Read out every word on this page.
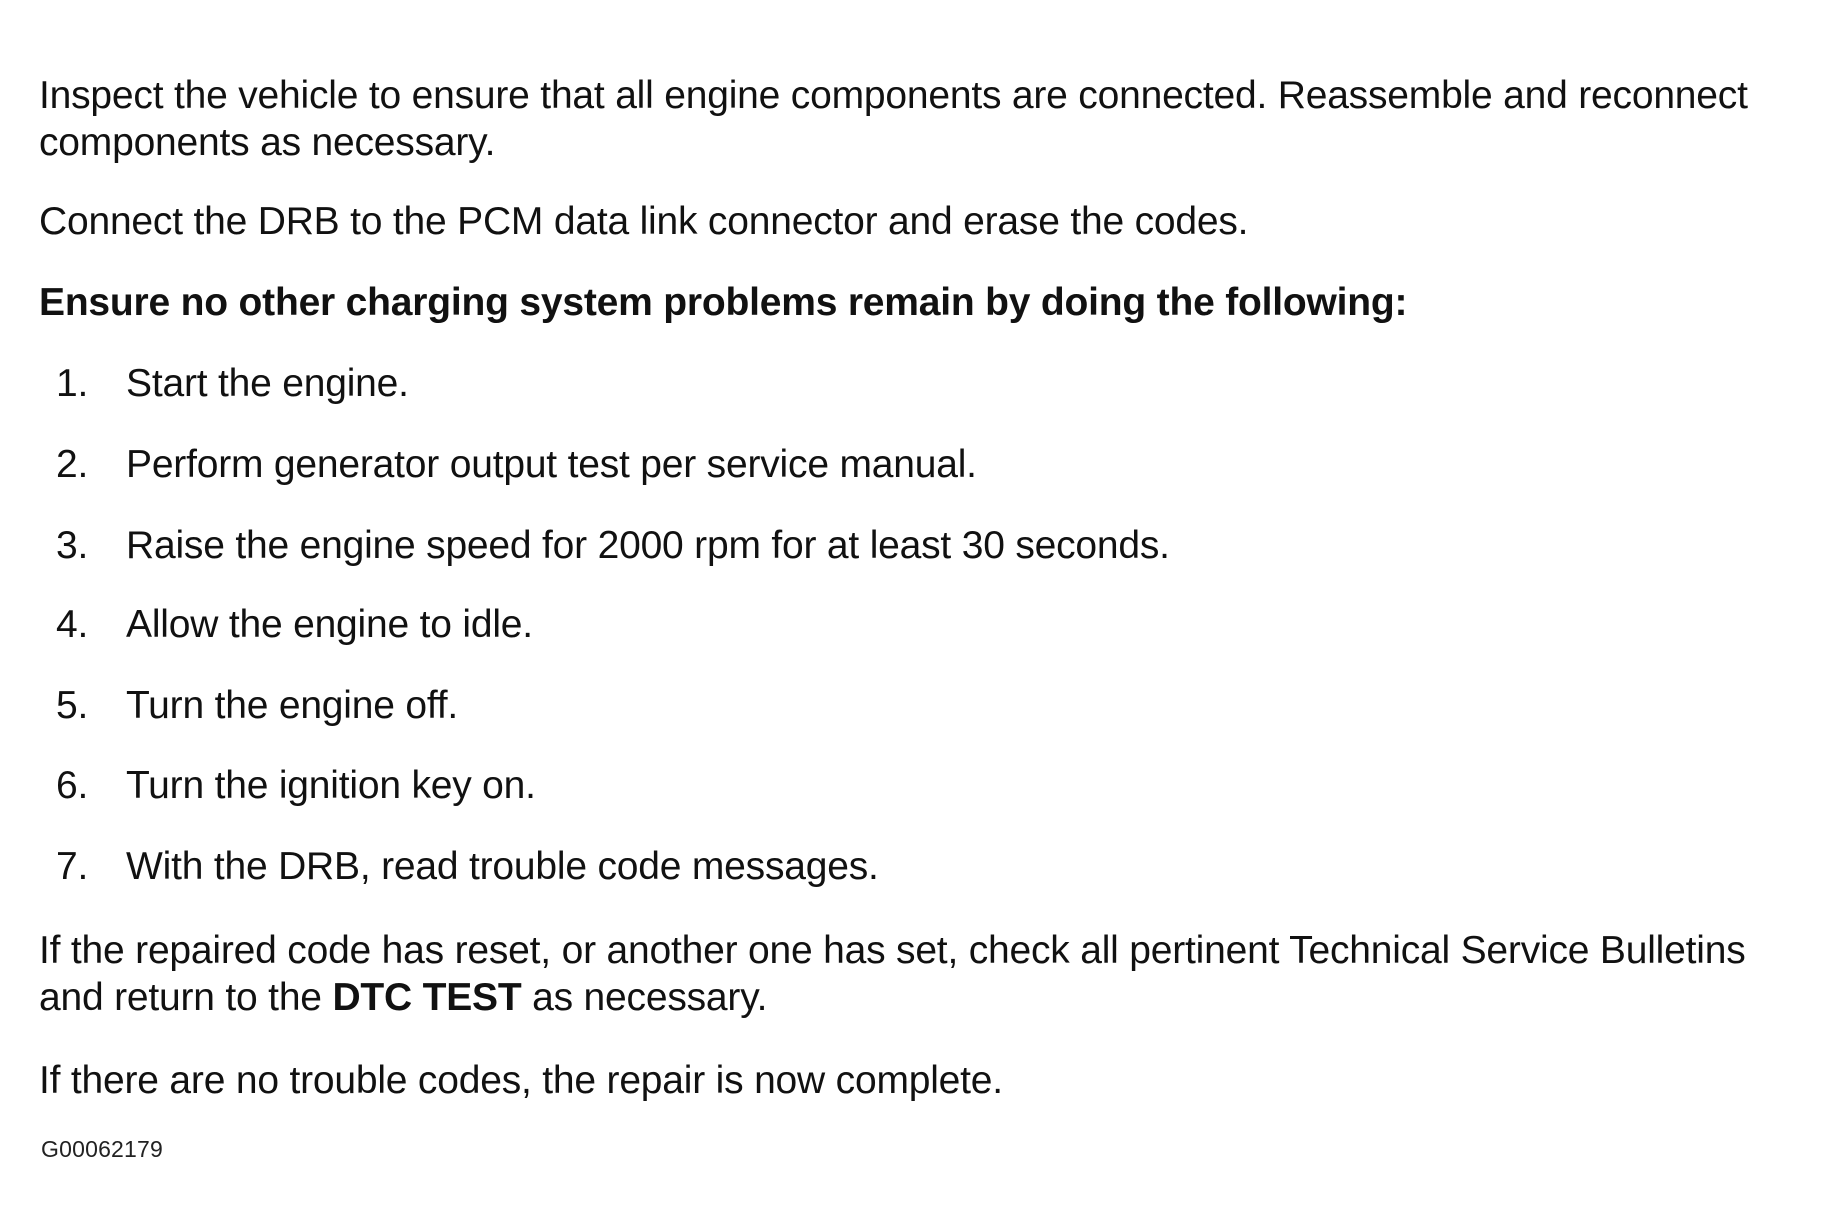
Inspect the vehicle to ensure that all engine components are connected. Reassemble and reconnect components as necessary.

Connect the DRB to the PCM data link connector and erase the codes.

Ensure no other charging system problems remain by doing the following:

1. Start the engine.
2. Perform generator output test per service manual.
3. Raise the engine speed for 2000 rpm for at least 30 seconds.
4. Allow the engine to idle.
5. Turn the engine off.
6. Turn the ignition key on.
7. With the DRB, read trouble code messages.

If the repaired code has reset, or another one has set, check all pertinent Technical Service Bulletins and return to the DTC TEST as necessary.

If there are no trouble codes, the repair is now complete.

G00062179
